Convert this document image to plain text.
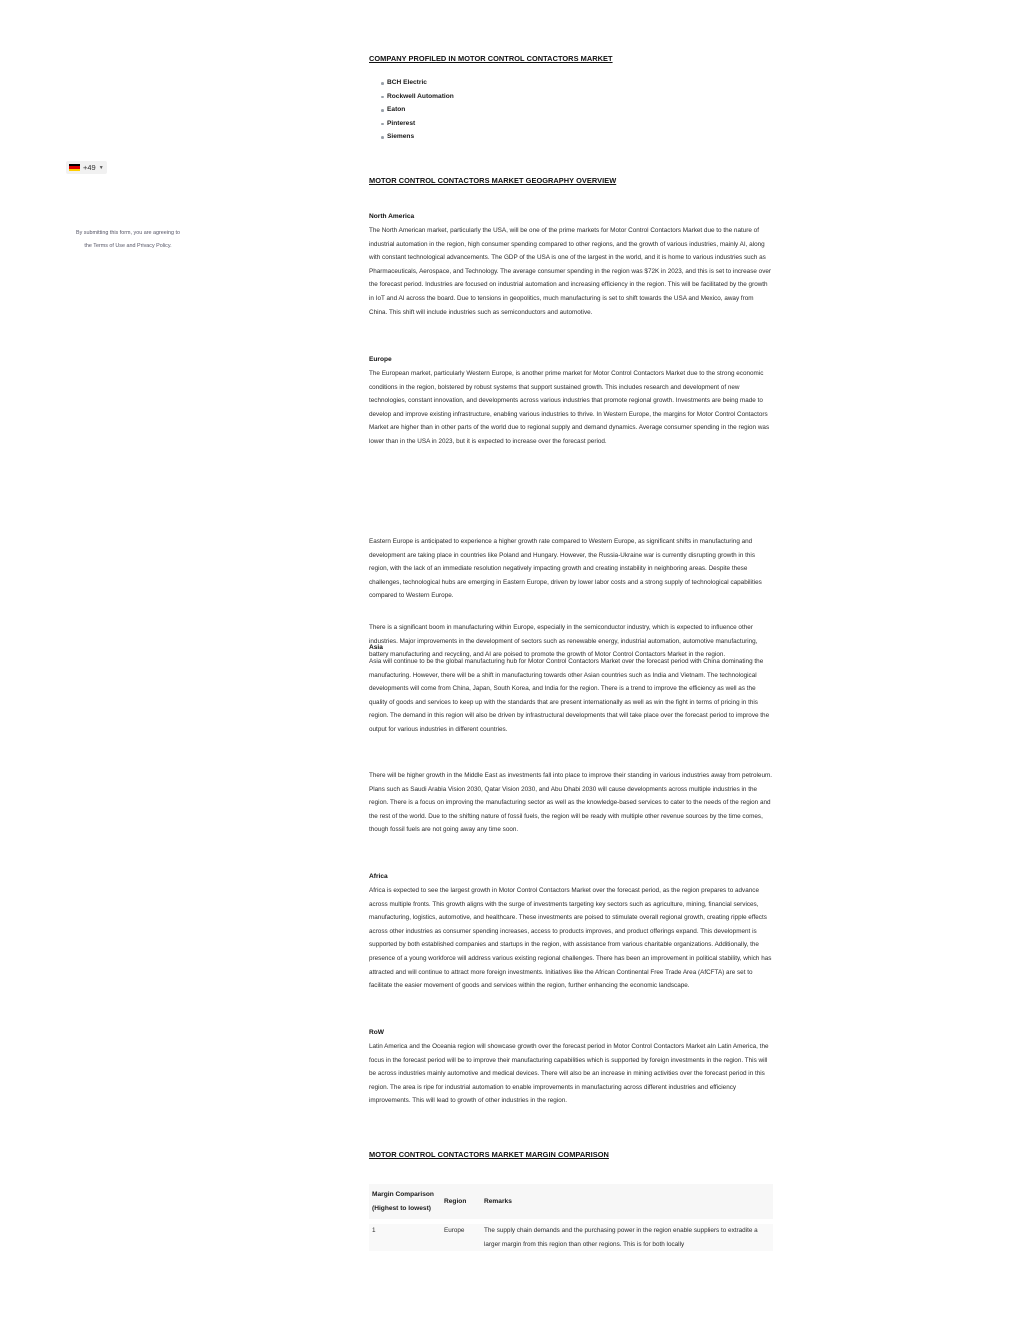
+49 ▼
By submitting this form, you are agreeing to
the Terms of Use and Privacy Policy.
COMPANY PROFILED IN MOTOR CONTROL CONTACTORS MARKET
BCH Electric
Rockwell Automation
Eaton
Pinterest
Siemens
MOTOR CONTROL CONTACTORS MARKET GEOGRAPHY OVERVIEW
North America

The North American market, particularly the USA, will be one of the prime markets for Motor Control Contactors Market due to the nature of industrial automation in the region, high consumer spending compared to other regions, and the growth of various industries, mainly AI, along with constant technological advancements. The GDP of the USA is one of the largest in the world, and it is home to various industries such as Pharmaceuticals, Aerospace, and Technology. The average consumer spending in the region was $72K in 2023, and this is set to increase over the forecast period. Industries are focused on industrial automation and increasing efficiency in the region. This will be facilitated by the growth in IoT and AI across the board. Due to tensions in geopolitics, much manufacturing is set to shift towards the USA and Mexico, away from China. This shift will include industries such as semiconductors and automotive.

Europe

The European market, particularly Western Europe, is another prime market for Motor Control Contactors Market due to the strong economic conditions in the region, bolstered by robust systems that support sustained growth. This includes research and development of new technologies, constant innovation, and developments across various industries that promote regional growth. Investments are being made to develop and improve existing infrastructure, enabling various industries to thrive. In Western Europe, the margins for Motor Control Contactors Market are higher than in other parts of the world due to regional supply and demand dynamics. Average consumer spending in the region was lower than in the USA in 2023, but it is expected to increase over the forecast period.

Eastern Europe is anticipated to experience a higher growth rate compared to Western Europe, as significant shifts in manufacturing and development are taking place in countries like Poland and Hungary. However, the Russia-Ukraine war is currently disrupting growth in this region, with the lack of an immediate resolution negatively impacting growth and creating instability in neighboring areas. Despite these challenges, technological hubs are emerging in Eastern Europe, driven by lower labor costs and a strong supply of technological capabilities compared to Western Europe.

There is a significant boom in manufacturing within Europe, especially in the semiconductor industry, which is expected to influence other industries. Major improvements in the development of sectors such as renewable energy, industrial automation, automotive manufacturing, battery manufacturing and recycling, and AI are poised to promote the growth of Motor Control Contactors Market in the region.

Asia

Asia will continue to be the global manufacturing hub for Motor Control Contactors Market over the forecast period with China dominating the manufacturing. However, there will be a shift in manufacturing towards other Asian countries such as India and Vietnam. The technological developments will come from China, Japan, South Korea, and India for the region. There is a trend to improve the efficiency as well as the quality of goods and services to keep up with the standards that are present internationally as well as win the fight in terms of pricing in this region. The demand in this region will also be driven by infrastructural developments that will take place over the forecast period to improve the output for various industries in different countries.

There will be higher growth in the Middle East as investments fall into place to improve their standing in various industries away from petroleum. Plans such as Saudi Arabia Vision 2030, Qatar Vision 2030, and Abu Dhabi 2030 will cause developments across multiple industries in the region. There is a focus on improving the manufacturing sector as well as the knowledge-based services to cater to the needs of the region and the rest of the world. Due to the shifting nature of fossil fuels, the region will be ready with multiple other revenue sources by the time comes, though fossil fuels are not going away any time soon.

Africa

Africa is expected to see the largest growth in Motor Control Contactors Market over the forecast period, as the region prepares to advance across multiple fronts. This growth aligns with the surge of investments targeting key sectors such as agriculture, mining, financial services, manufacturing, logistics, automotive, and healthcare. These investments are poised to stimulate overall regional growth, creating ripple effects across other industries as consumer spending increases, access to products improves, and product offerings expand. This development is supported by both established companies and startups in the region, with assistance from various charitable organizations. Additionally, the presence of a young workforce will address various existing regional challenges. There has been an improvement in political stability, which has attracted and will continue to attract more foreign investments. Initiatives like the African Continental Free Trade Area (AfCFTA) are set to facilitate the easier movement of goods and services within the region, further enhancing the economic landscape.

RoW

Latin America and the Oceania region will showcase growth over the forecast period in Motor Control Contactors Market aIn Latin America, the focus in the forecast period will be to improve their manufacturing capabilities which is supported by foreign investments in the region. This will be across industries mainly automotive and medical devices. There will also be an increase in mining activities over the forecast period in this region. The area is ripe for industrial automation to enable improvements in manufacturing across different industries and efficiency improvements. This will lead to growth of other industries in the region.

MOTOR CONTROL CONTACTORS MARKET MARGIN COMPARISON
Margin Comparison (Highest to lowest)	Region	Remarks

1	Europe	The supply chain demands and the purchasing power in the region enable suppliers to extradite a larger margin from this region than other regions. This is for both locally
